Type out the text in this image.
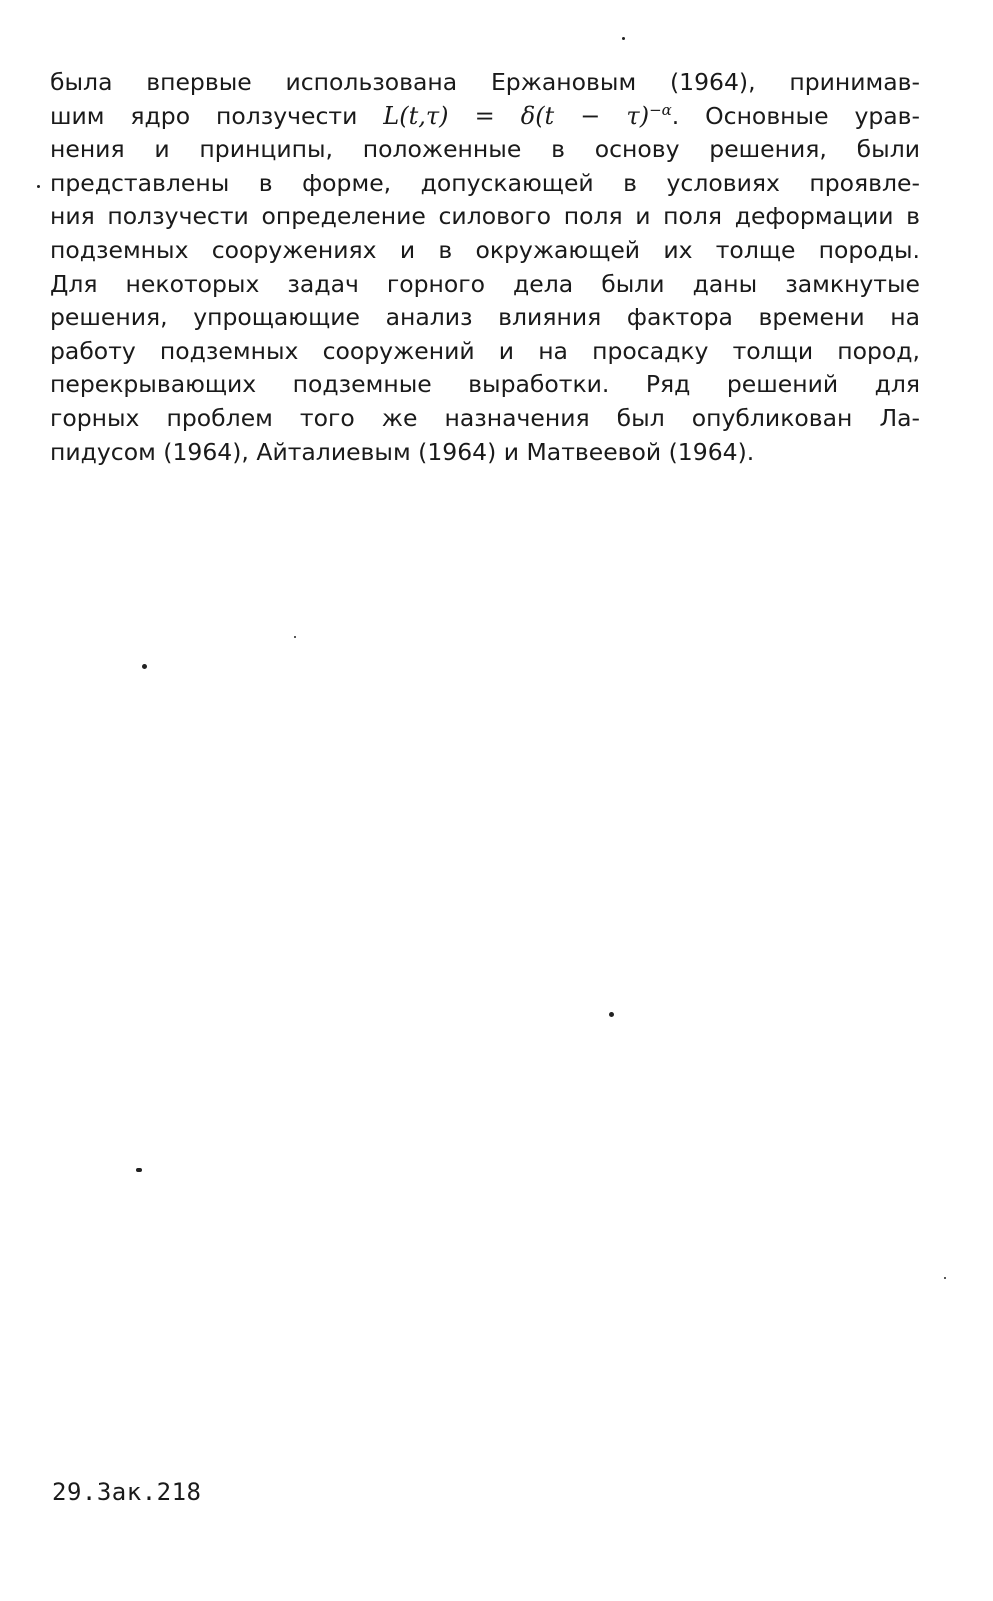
была впервые использована Ержановым (1964), принимав-
шим ядро ползучести $L(t,\tau) = \delta(t - \tau)^{-\alpha}$. Основные урав-
нения и принципы, положенные в основу решения, были
представлены в форме, допускающей в условиях проявле-
ния ползучести определение силового поля и поля деформации в
подземных сооружениях и в окружающей их толще породы.
Для некоторых задач горного дела были даны замкнутые
решения, упрощающие анализ влияния фактора времени на
работу подземных сооружений и на просадку толщи пород,
перекрывающих подземные выработки. Ряд решений для
горных проблем того же назначения был опубликован Ла-
пидусом (1964), Айталиевым (1964) и Матвеевой (1964).
29.Зак.218
